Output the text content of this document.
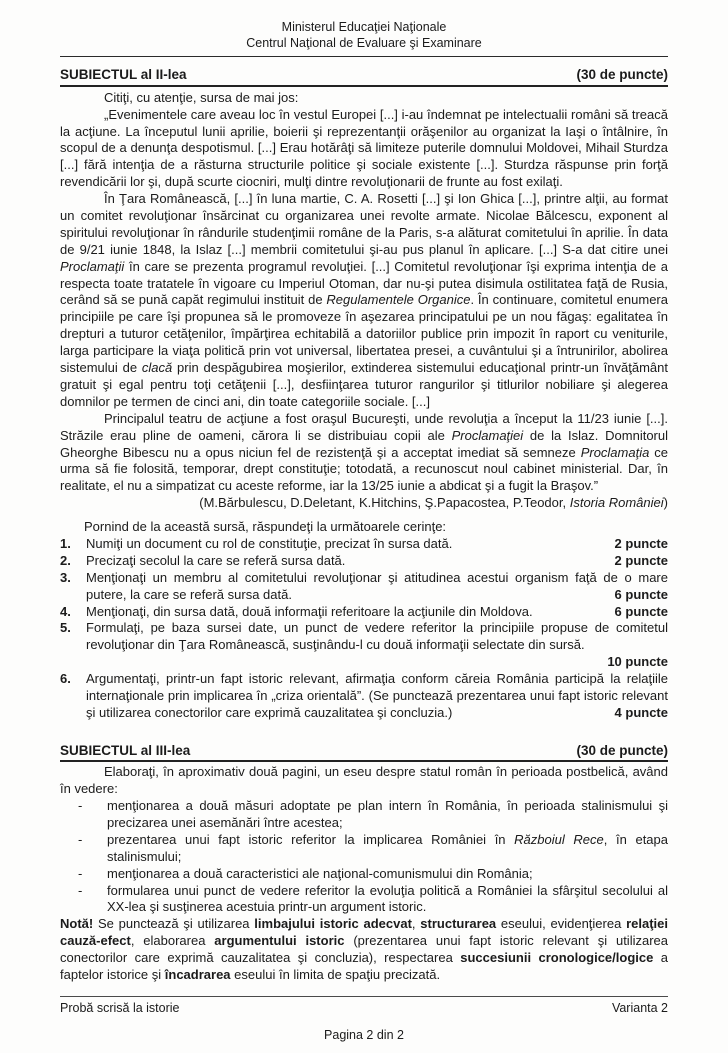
Ministerul Educaţiei Naţionale
Centrul Naţional de Evaluare şi Examinare
SUBIECTUL al II-lea	(30 de puncte)
Citiţi, cu atenţie, sursa de mai jos:

„Evenimentele care aveau loc în vestul Europei [...] i-au îndemnat pe intelectualii români să treacă la acţiune. La începutul lunii aprilie, boierii şi reprezentanţii orăşenilor au organizat la Iaşi o întâlnire, în scopul de a denunţa despotismul. [...] Erau hotărâţi să limiteze puterile domnului Moldovei, Mihail Sturdza [...] fără intenţia de a răsturna structurile politice şi sociale existente [...]. Sturdza răspunse prin forţă revendicării lor şi, după scurte ciocniri, mulţi dintre revoluţionarii de frunte au fost exilaţi.

În Ţara Românească, [...] în luna martie, C. A. Rosetti [...] şi Ion Ghica [...], printre alţii, au format un comitet revoluţionar însărcinat cu organizarea unei revolte armate. Nicolae Bălcescu, exponent al spiritului revoluţionar în rândurile studenţimii române de la Paris, s-a alăturat comitetului în aprilie. În data de 9/21 iunie 1848, la Islaz [...] membrii comitetului şi-au pus planul în aplicare. [...] S-a dat citire unei Proclamaţii în care se prezenta programul revoluţiei. [...] Comitetul revoluţionar îşi exprima intenţia de a respecta toate tratatele în vigoare cu Imperiul Otoman, dar nu-şi putea disimula ostilitatea faţă de Rusia, cerând să se pună capăt regimului instituit de Regulamentele Organice. În continuare, comitetul enumera principiile pe care îşi propunea să le promoveze în aşezarea principatului pe un nou făgaş: egalitatea în drepturi a tuturor cetăţenilor, împărţirea echitabilă a datoriilor publice prin impozit în raport cu veniturile, larga participare la viaţa politică prin vot universal, libertatea presei, a cuvântului şi a întrunirilor, abolirea sistemului de clacă prin despăgubirea moşierilor, extinderea sistemului educaţional printr-un învăţământ gratuit şi egal pentru toţi cetăţenii [...], desfiinţarea tuturor rangurilor şi titlurilor nobiliare şi alegerea domnilor pe termen de cinci ani, din toate categoriile sociale. [...]

Principalul teatru de acţiune a fost oraşul Bucureşti, unde revoluţia a început la 11/23 iunie [...]. Străzile erau pline de oameni, cărora li se distribuiau copii ale Proclamaţiei de la Islaz. Domnitorul Gheorghe Bibescu nu a opus niciun fel de rezistenţă şi a acceptat imediat să semneze Proclamaţia ce urma să fie folosită, temporar, drept constituţie; totodată, a recunoscut noul cabinet ministerial. Dar, în realitate, el nu a simpatizat cu aceste reforme, iar la 13/25 iunie a abdicat şi a fugit la Braşov.”

(M.Bărbulescu, D.Deletant, K.Hitchins, Ş.Papacostea, P.Teodor, Istoria României)
Pornind de la această sursă, răspundeţi la următoarele cerinţe:
1.	Numiţi un document cu rol de constituţie, precizat în sursa dată.	2 puncte
2.	Precizaţi secolul la care se referă sursa dată.	2 puncte
3.	Menţionaţi un membru al comitetului revoluţionar şi atitudinea acestui organism faţă de o mare putere, la care se referă sursa dată.	6 puncte
4.	Menţionaţi, din sursa dată, două informaţii referitoare la acţiunile din Moldova.	6 puncte
5.	Formulaţi, pe baza sursei date, un punct de vedere referitor la principiile propuse de comitetul revoluţionar din Ţara Românească, susţinându-l cu două informaţii selectate din sursă.
10 puncte
6.	Argumentaţi, printr-un fapt istoric relevant, afirmaţia conform căreia România participă la relaţiile internaţionale prin implicarea în „criza orientală”. (Se punctează prezentarea unui fapt istoric relevant şi utilizarea conectorilor care exprimă cauzalitatea şi concluzia.)	4 puncte
SUBIECTUL al III-lea	(30 de puncte)
Elaboraţi, în aproximativ două pagini, un eseu despre statul român în perioada postbelică, având în vedere:
-	menţionarea a două măsuri adoptate pe plan intern în România, în perioada stalinismului şi precizarea unei asemănări între acestea;
-	prezentarea unui fapt istoric referitor la implicarea României în Războiul Rece, în etapa stalinismului;
-	menţionarea a două caracteristici ale naţional-comunismului din România;
-	formularea unui punct de vedere referitor la evoluţia politică a României la sfârşitul secolului al XX-lea şi susţinerea acestuia printr-un argument istoric.
Notă! Se punctează şi utilizarea limbajului istoric adecvat, structurarea eseului, evidenţierea relaţiei cauză-efect, elaborarea argumentului istoric (prezentarea unui fapt istoric relevant şi utilizarea conectorilor care exprimă cauzalitatea şi concluzia), respectarea succesiunii cronologice/logice a faptelor istorice şi încadrarea eseului în limita de spaţiu precizată.
Probă scrisă la istorie	Varianta 2
Pagina 2 din 2
